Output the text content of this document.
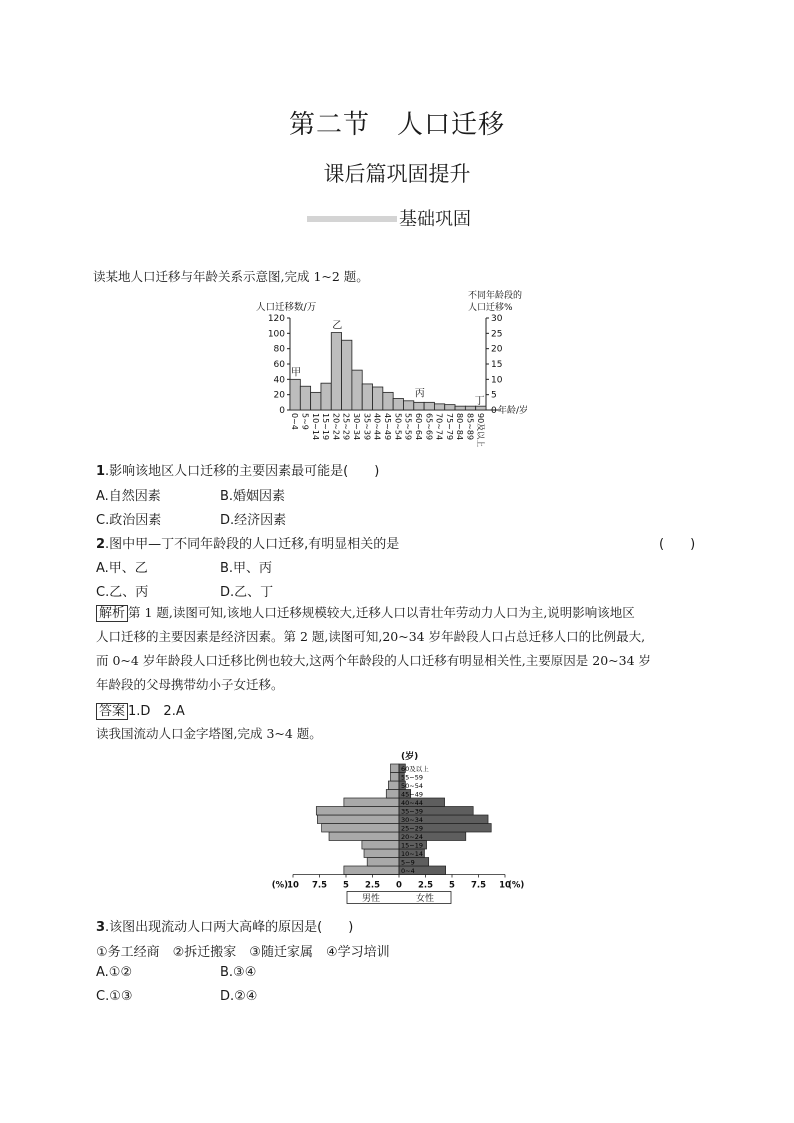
第二节　人口迁移
课后篇巩固提升
基础巩固
读某地人口迁移与年龄关系示意图,完成 1~2 题。
人口迁移数/万
不同年龄段的
人口迁移%
0
20
40
60
80
100
120
0
5
10
15
20
25
30
0~4 5~9 10~14 15~19 20~24 25~29 30~34 35~39 40~44 45~49 50~54 55~59 60~64 65~69 70~74 75~79 80~84 85~89 90及以上
年龄/岁
甲
乙
丙
丁
1.影响该地区人口迁移的主要因素最可能是(　　)
A.自然因素	B.婚姻因素
C.政治因素	D.经济因素
2.图中甲—丁不同年龄段的人口迁移,有明显相关的是	(　　)
A.甲、乙	B.甲、丙
C.乙、丙	D.乙、丁
解析 第 1 题,读图可知,该地人口迁移规模较大,迁移人口以青壮年劳动力人口为主,说明影响该地区
人口迁移的主要因素是经济因素。第 2 题,读图可知,20~34 岁年龄段人口占总迁移人口的比例最大,
而 0~4 岁年龄段人口迁移比例也较大,这两个年龄段的人口迁移有明显相关性,主要原因是 20~34 岁
年龄段的父母携带幼小子女迁移。
答案 1.D　2.A
读我国流动人口金字塔图,完成 3~4 题。
(岁)
0~4
5~9
10~14
15~19
20~24
25~29
30~34
35~39
40~44
45~49
50~54
55~59
60及以上
10 7.5 5 2.5 0 2.5 5 7.5 10
(%)	(%)
男性	女性
3.该图出现流动人口两大高峰的原因是(　　)
①务工经商　②拆迁搬家　③随迁家属　④学习培训
A.①②	B.③④
C.①③	D.②④
